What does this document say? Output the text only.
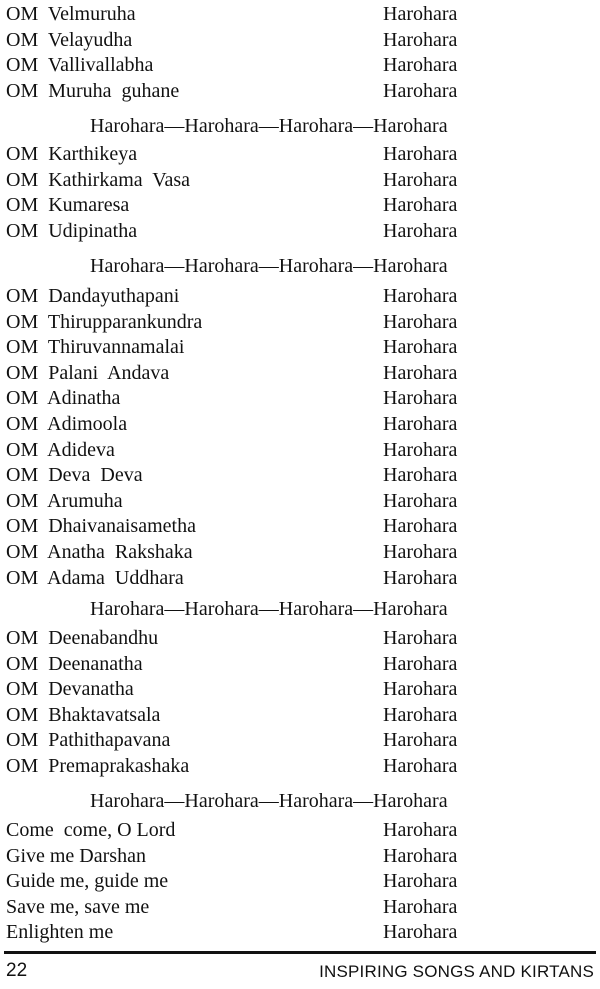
OM  Velmuruha	Harohara
OM  Velayudha	Harohara
OM  Vallivallabha	Harohara
OM  Muruha  guhane	Harohara
Harohara—Harohara—Harohara—Harohara
OM  Karthikeya	Harohara
OM  Kathirkama  Vasa	Harohara
OM  Kumaresa	Harohara
OM  Udipinatha	Harohara
Harohara—Harohara—Harohara—Harohara
OM  Dandayuthapani	Harohara
OM  Thirupparankundra	Harohara
OM  Thiruvannamalai	Harohara
OM  Palani  Andava	Harohara
OM  Adinatha	Harohara
OM  Adimoola	Harohara
OM  Adideva	Harohara
OM  Deva  Deva	Harohara
OM  Arumuha	Harohara
OM  Dhaivanaisametha	Harohara
OM  Anatha  Rakshaka	Harohara
OM  Adama  Uddhara	Harohara
Harohara—Harohara—Harohara—Harohara
OM  Deenabandhu	Harohara
OM  Deenanatha	Harohara
OM  Devanatha	Harohara
OM  Bhaktavatsala	Harohara
OM  Pathithapavana	Harohara
OM  Premaprakashaka	Harohara
Harohara—Harohara—Harohara—Harohara
Come  come, O Lord	Harohara
Give me Darshan	Harohara
Guide me, guide me	Harohara
Save me, save me	Harohara
Enlighten me	Harohara
22	INSPIRING SONGS AND KIRTANS
